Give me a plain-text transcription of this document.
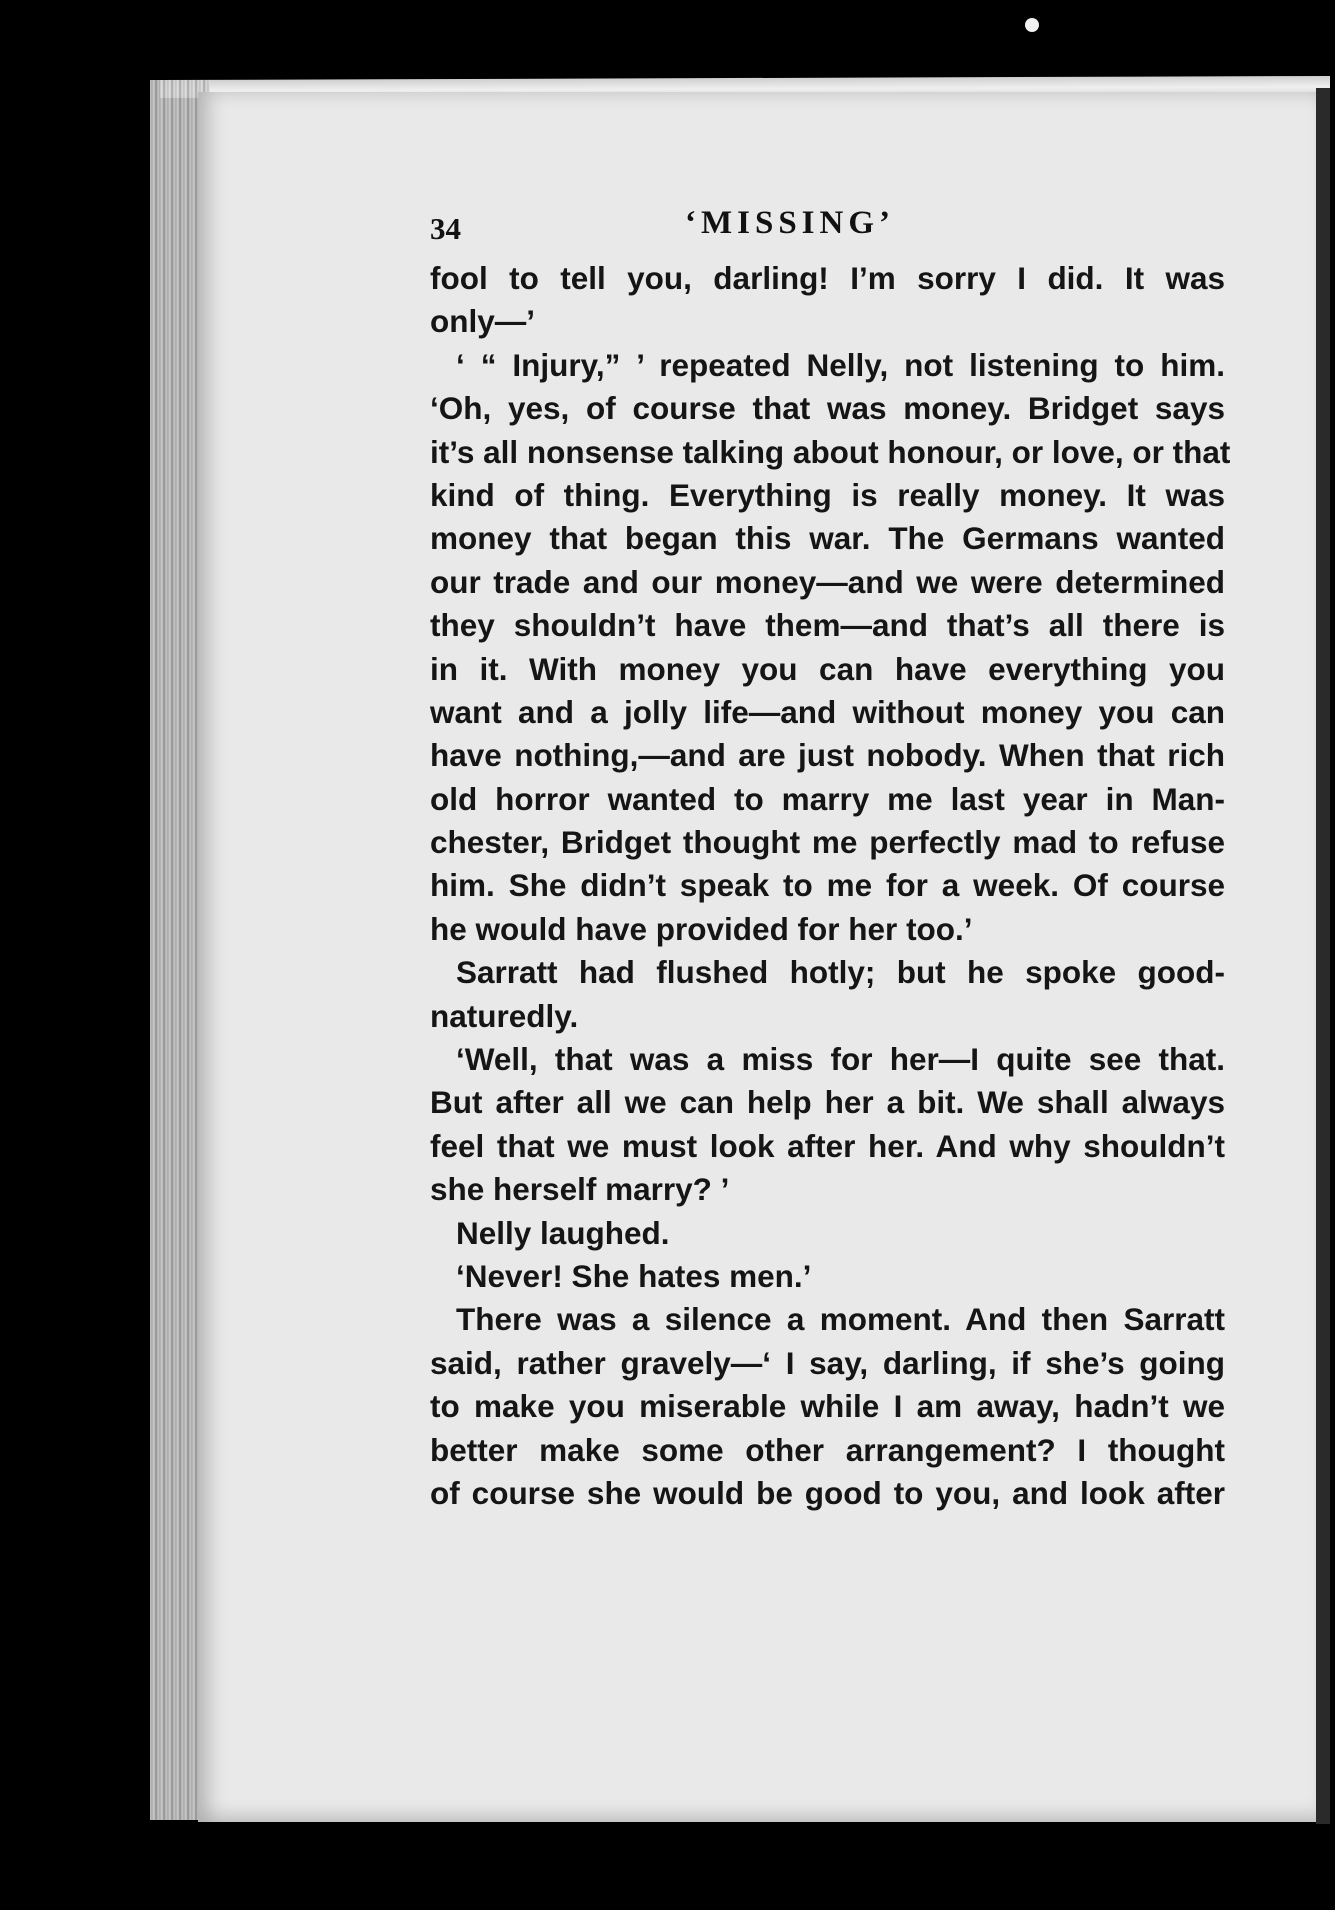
34	‘MISSING’
fool to tell you, darling! I’m sorry I did. It was
only—’
‘ “ Injury,” ’ repeated Nelly, not listening to him.
‘Oh, yes, of course that was money. Bridget says
it’s all nonsense talking about honour, or love, or that
kind of thing. Everything is really money. It was
money that began this war. The Germans wanted
our trade and our money—and we were determined
they shouldn’t have them—and that’s all there is
in it. With money you can have everything you
want and a jolly life—and without money you can
have nothing,—and are just nobody. When that rich
old horror wanted to marry me last year in Man-
chester, Bridget thought me perfectly mad to refuse
him. She didn’t speak to me for a week. Of course
he would have provided for her too.’
Sarratt had flushed hotly; but he spoke good-
naturedly.
‘Well, that was a miss for her—I quite see that.
But after all we can help her a bit. We shall always
feel that we must look after her. And why shouldn’t
she herself marry? ’
Nelly laughed.
‘Never! She hates men.’
There was a silence a moment. And then Sarratt
said, rather gravely—‘ I say, darling, if she’s going
to make you miserable while I am away, hadn’t we
better make some other arrangement? I thought
of course she would be good to you, and look after
